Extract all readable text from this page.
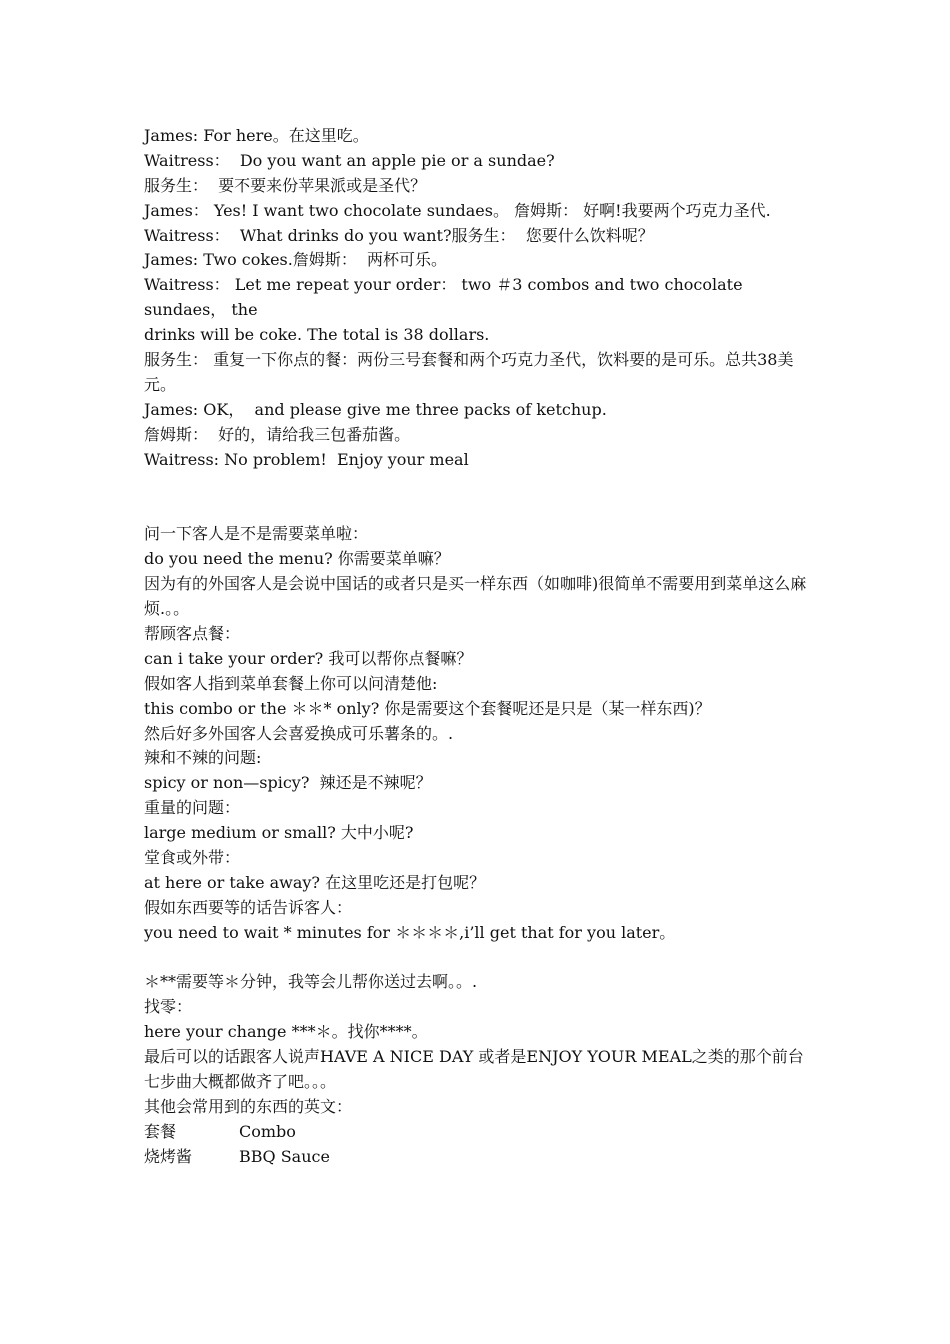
James: For here。在这里吃。
Waitress：  Do you want an apple pie or a sundae?
服务生：  要不要来份苹果派或是圣代？
James： Yes! I want two chocolate sundaes。 詹姆斯： 好啊!我要两个巧克力圣代.
Waitress：  What drinks do you want?服务生：  您要什么饮料呢？
James: Two cokes.詹姆斯：  两杯可乐。
Waitress： Let me repeat your order： two ＃3 combos and two chocolate sundaes， the
drinks will be coke. The total is 38 dollars.
服务生： 重复一下你点的餐：两份三号套餐和两个巧克力圣代，饮料要的是可乐。总共38美元。
James: OK，  and please give me three packs of ketchup.
詹姆斯：  好的，请给我三包番茄酱。
Waitress: No problem!  Enjoy your meal
问一下客人是不是需要菜单啦：
do you need the menu? 你需要菜单嘛？
因为有的外国客人是会说中国话的或者只是买一样东西（如咖啡)很简单不需要用到菜单这么麻烦.。。
帮顾客点餐：
can i take your order? 我可以帮你点餐嘛？
假如客人指到菜单套餐上你可以问清楚他:
this combo or the ＊＊* only? 你是需要这个套餐呢还是只是（某一样东西)？
然后好多外国客人会喜爱换成可乐薯条的。.
辣和不辣的问题:
spicy or non—spicy?  辣还是不辣呢？
重量的问题：
large medium or small? 大中小呢?
堂食或外带：
at here or take away? 在这里吃还是打包呢？
假如东西要等的话告诉客人：
you need to wait * minutes for ＊＊＊＊,i’ll get that for you later。
＊**需要等＊分钟，我等会儿帮你送过去啊。。.
找零：
here your change ***＊。找你****。
最后可以的话跟客人说声HAVE A NICE DAY 或者是ENJOY YOUR MEAL之类的那个前台七步曲大概都做齐了吧。。。
其他会常用到的东西的英文：
套餐	Combo
烧烤酱	BBQ Sauce
